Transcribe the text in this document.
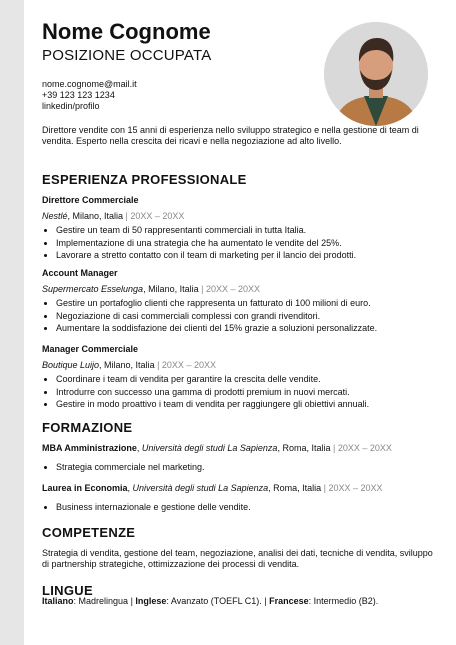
Nome Cognome
POSIZIONE OCCUPATA
nome.cognome@mail.it
+39 123 123 1234
linkedin/profilo
Direttore vendite con 15 anni di esperienza nello sviluppo strategico e nella gestione di team di vendita. Esperto nella crescita dei ricavi e nella negoziazione ad alto livello.
ESPERIENZA PROFESSIONALE
Direttore Commerciale
Nestlé, Milano, Italia | 20XX – 20XX
• Gestire un team di 50 rappresentanti commerciali in tutta Italia.
• Implementazione di una strategia che ha aumentato le vendite del 25%.
• Lavorare a stretto contatto con il team di marketing per il lancio dei prodotti.
Account Manager
Supermercato Esselunga, Milano, Italia | 20XX – 20XX
• Gestire un portafoglio clienti che rappresenta un fatturato di 100 milioni di euro.
• Negoziazione di casi commerciali complessi con grandi rivenditori.
• Aumentare la soddisfazione dei clienti del 15% grazie a soluzioni personalizzate.
Manager Commerciale
Boutique Luijo, Milano, Italia | 20XX – 20XX
• Coordinare i team di vendita per garantire la crescita delle vendite.
• Introdurre con successo una gamma di prodotti premium in nuovi mercati.
• Gestire in modo proattivo i team di vendita per raggiungere gli obiettivi annuali.
FORMAZIONE
MBA Amministrazione, Università degli studi La Sapienza, Roma, Italia | 20XX – 20XX
• Strategia commerciale nel marketing.
Laurea in Economia, Università degli studi La Sapienza, Roma, Italia | 20XX – 20XX
• Business internazionale e gestione delle vendite.
COMPETENZE
Strategia di vendita, gestione del team, negoziazione, analisi dei dati, tecniche di vendita, sviluppo di partnership strategiche, ottimizzazione dei processi di vendita.
LINGUE
Italiano: Madrelingua | Inglese: Avanzato (TOEFL C1). | Francese: Intermedio (B2).
